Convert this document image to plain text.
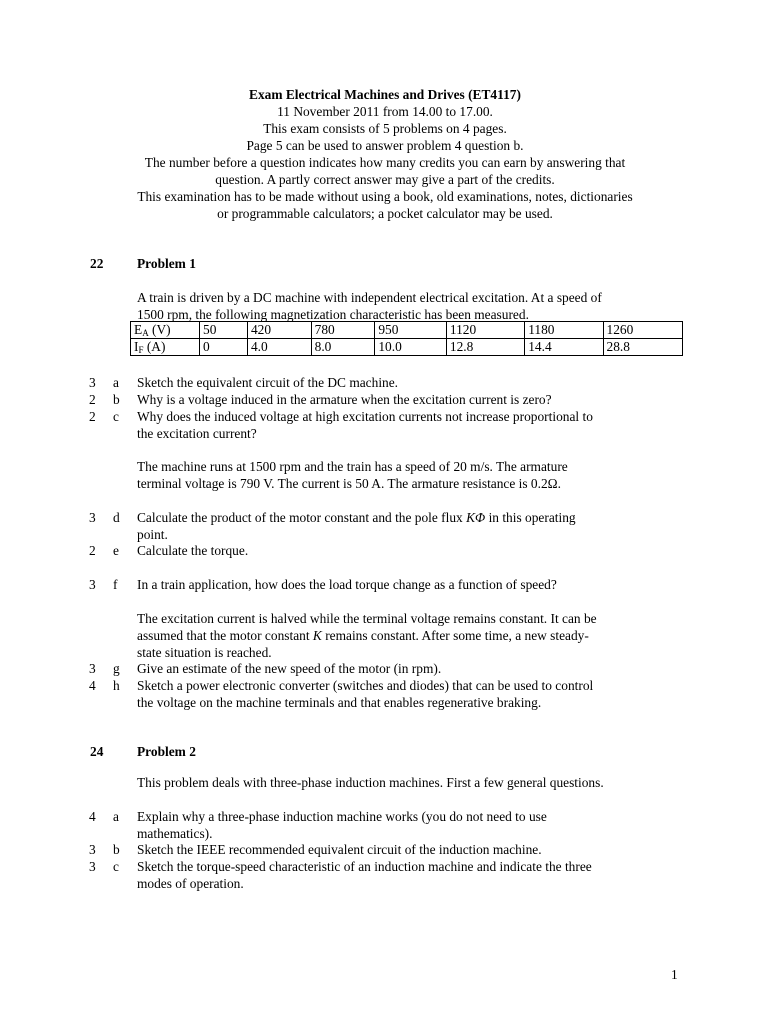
Exam Electrical Machines and Drives (ET4117)
11 November 2011 from 14.00 to 17.00.
This exam consists of 5 problems on 4 pages.
Page 5 can be used to answer problem 4 question b.
The number before a question indicates how many credits you can earn by answering that
question. A partly correct answer may give a part of the credits.
This examination has to be made without using a book, old examinations, notes, dictionaries
or programmable calculators; a pocket calculator may be used.
22	Problem 1
A train is driven by a DC machine with independent electrical excitation. At a speed of
1500 rpm, the following magnetization characteristic has been measured.
$E_A$ (V)	50	420	780	950	1120	1180	1260
$I_F$ (A)	0	4.0	8.0	10.0	12.8	14.4	28.8
3	a	Sketch the equivalent circuit of the DC machine.
2	b	Why is a voltage induced in the armature when the excitation current is zero?
2	c	Why does the induced voltage at high excitation currents not increase proportional to
the excitation current?
The machine runs at 1500 rpm and the train has a speed of 20 m/s. The armature
terminal voltage is 790 V. The current is 50 A. The armature resistance is 0.2Ω.
3	d	Calculate the product of the motor constant and the pole flux KΦ in this operating
point.
2	e	Calculate the torque.
3	f	In a train application, how does the load torque change as a function of speed?
The excitation current is halved while the terminal voltage remains constant. It can be
assumed that the motor constant K remains constant. After some time, a new steady-
state situation is reached.
3	g	Give an estimate of the new speed of the motor (in rpm).
4	h	Sketch a power electronic converter (switches and diodes) that can be used to control
the voltage on the machine terminals and that enables regenerative braking.
24	Problem 2
This problem deals with three-phase induction machines. First a few general questions.
4	a	Explain why a three-phase induction machine works (you do not need to use
mathematics).
3	b	Sketch the IEEE recommended equivalent circuit of the induction machine.
3	c	Sketch the torque-speed characteristic of an induction machine and indicate the three
modes of operation.
1
